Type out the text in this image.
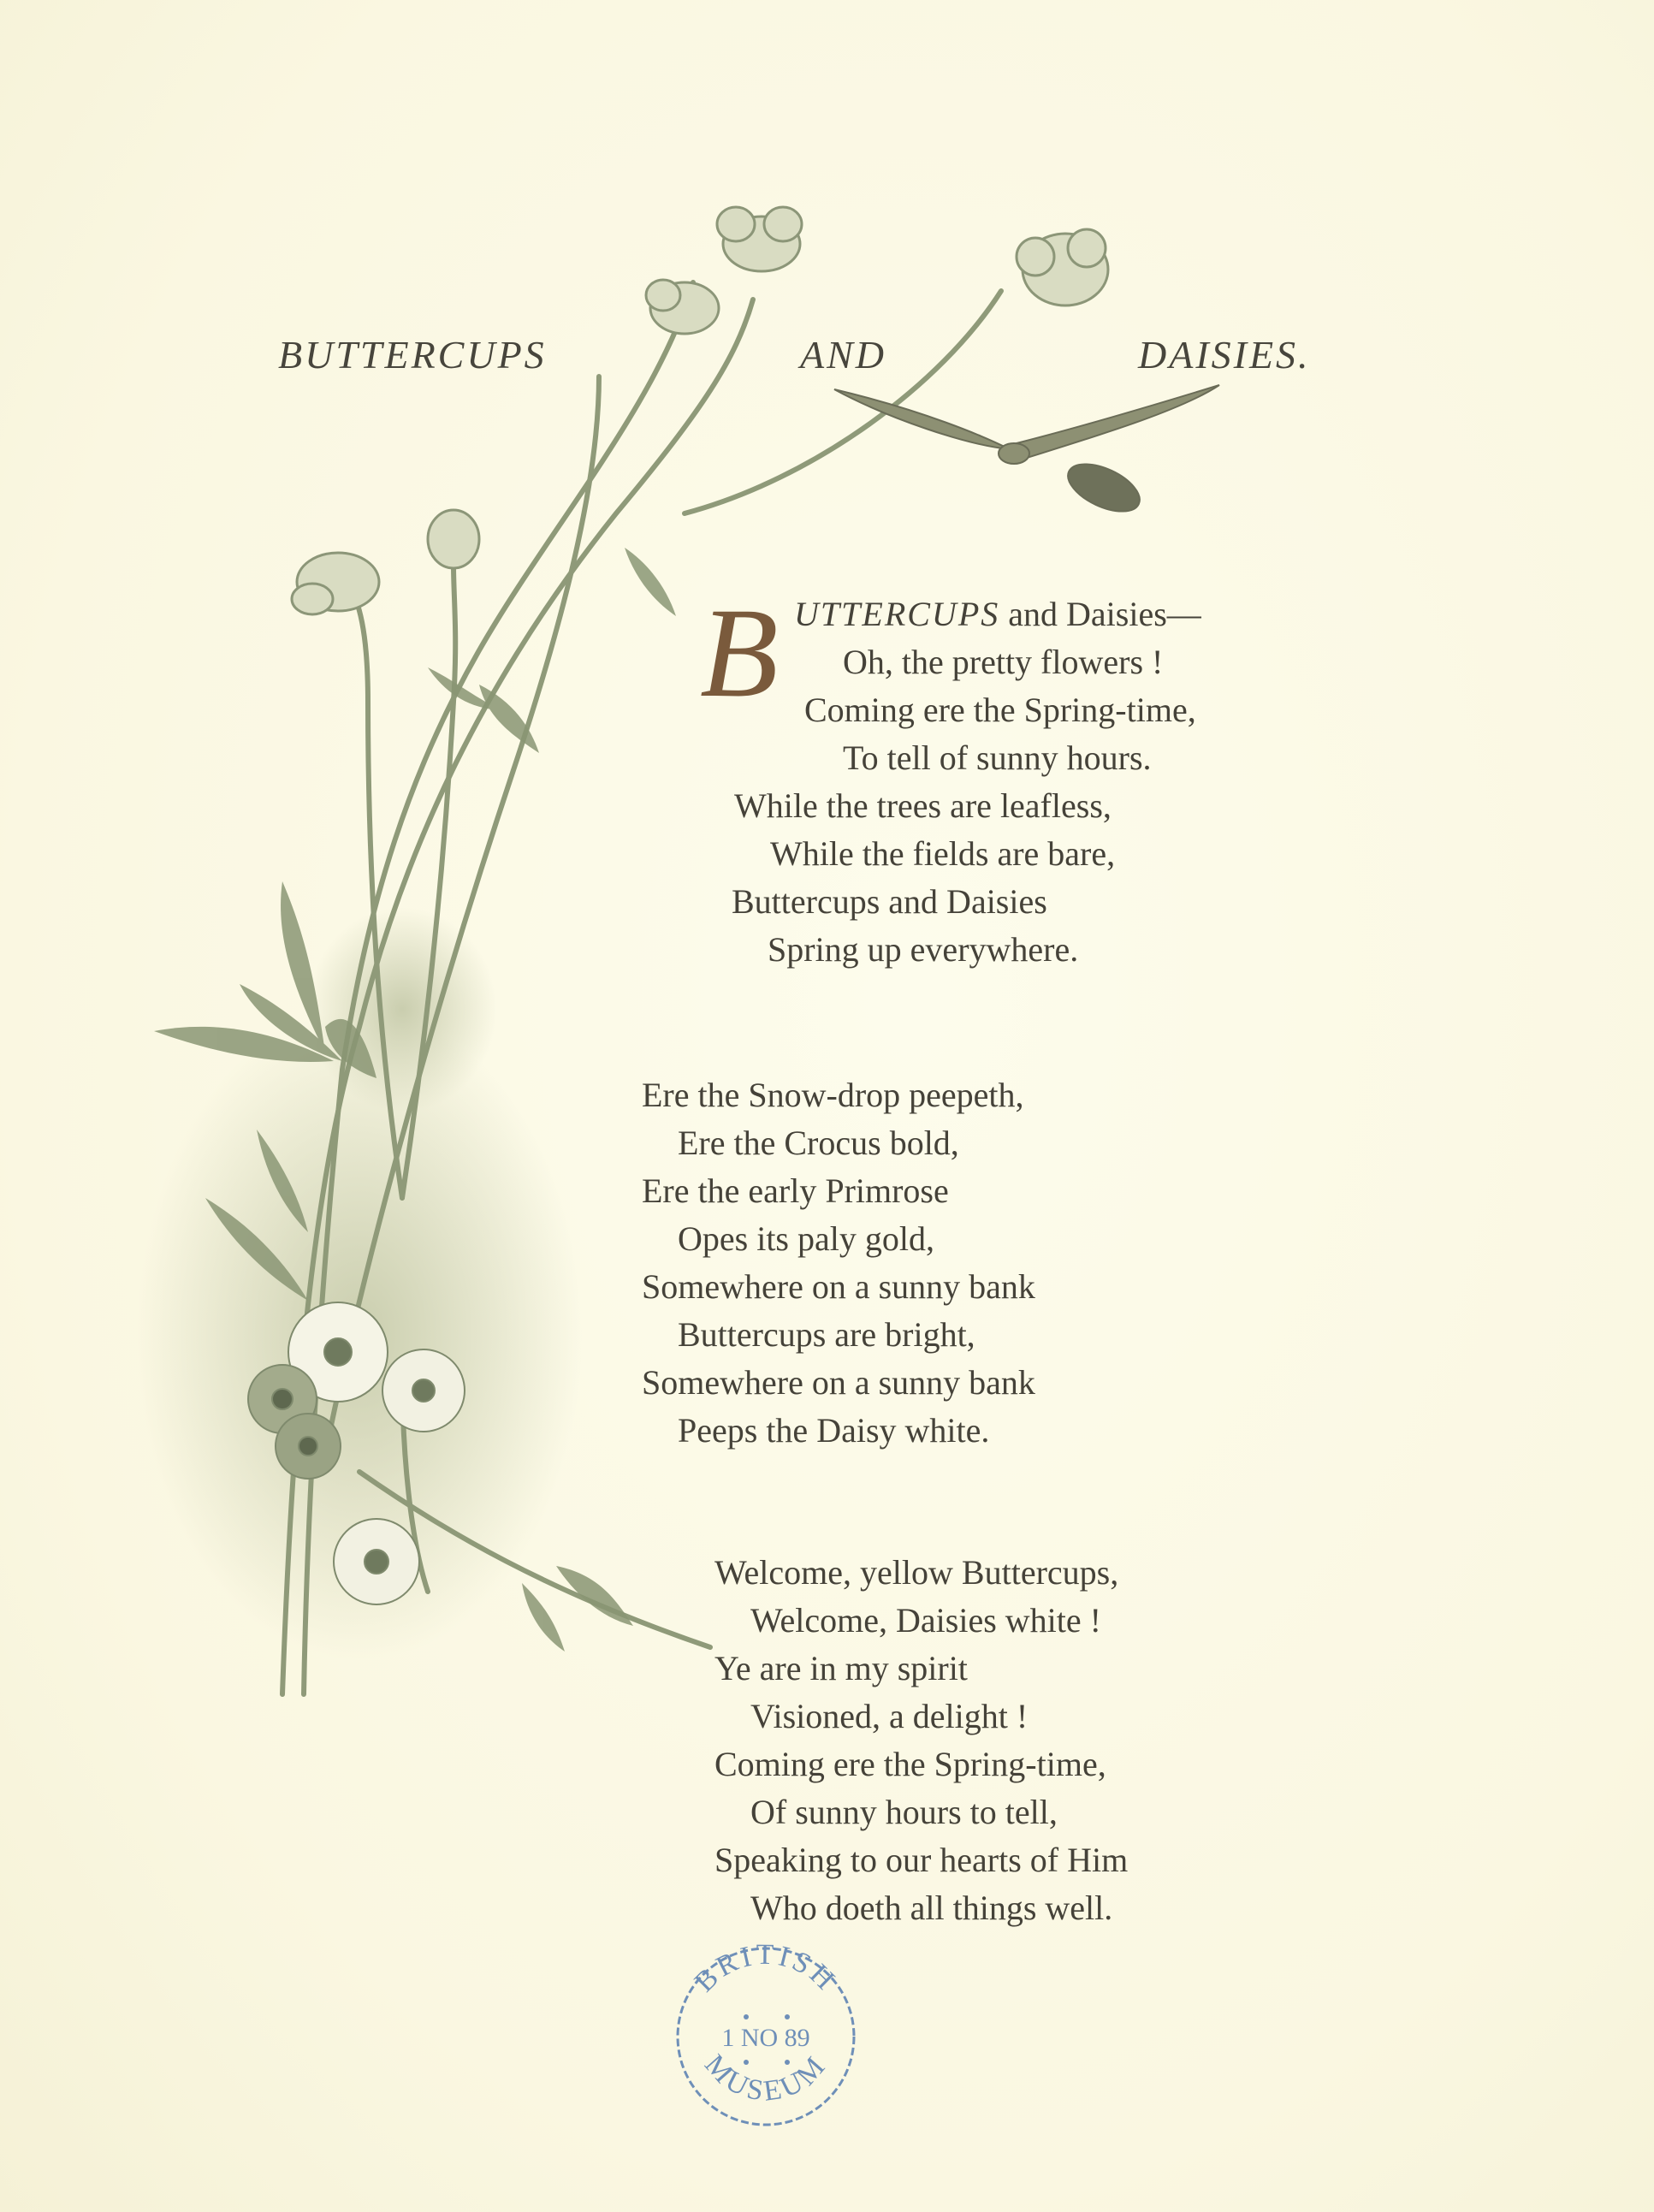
BUTTERCUPS	AND	DAISIES.
B UTTERCUPS and Daisies—
Oh, the pretty flowers !
Coming ere the Spring-time,
To tell of sunny hours.
While the trees are leafless,
While the fields are bare,
Buttercups and Daisies
Spring up everywhere.
Ere the Snow-drop peepeth,
Ere the Crocus bold,
Ere the early Primrose
Opes its paly gold,
Somewhere on a sunny bank
Buttercups are bright,
Somewhere on a sunny bank
Peeps the Daisy white.
Welcome, yellow Buttercups,
Welcome, Daisies white !
Ye are in my spirit
Visioned, a delight !
Coming ere the Spring-time,
Of sunny hours to tell,
Speaking to our hearts of Him
Who doeth all things well.
BRITISH
MUSEUM
1 NO 89
